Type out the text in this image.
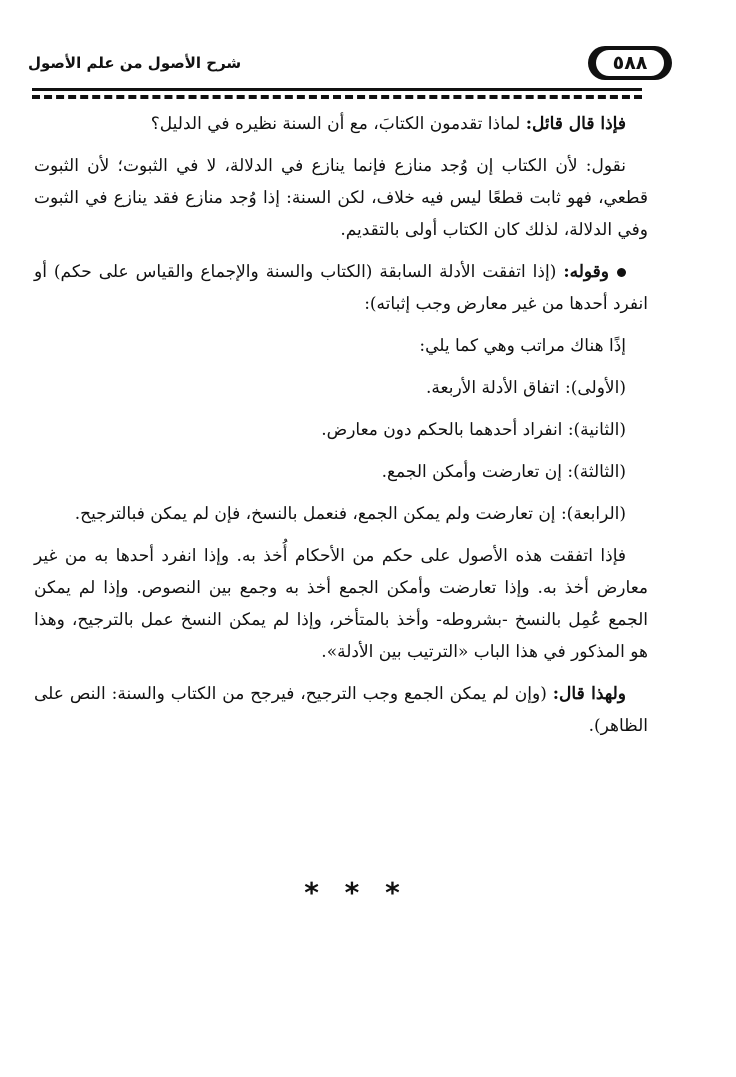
٥٨٨
شرح الأصول من علم الأصول

فإذا قال قائل: لماذا تقدمون الكتابَ، مع أن السنة نظيره في الدليل؟

نقول: لأن الكتاب إن وُجد منازع فإنما ينازع في الدلالة، لا في الثبوت؛ لأن الثبوت قطعي، فهو ثابت قطعًا ليس فيه خلاف، لكن السنة: إذا وُجد منازع فقد ينازع في الثبوت وفي الدلالة، لذلك كان الكتاب أولى بالتقديم.

وقوله: (إذا اتفقت الأدلة السابقة (الكتاب والسنة والإجماع والقياس على حكم) أو انفرد أحدها من غير معارض وجب إثباته):

إذًا هناك مراتب وهي كما يلي:

(الأولى): اتفاق الأدلة الأربعة.

(الثانية): انفراد أحدهما بالحكم دون معارض.

(الثالثة): إن تعارضت وأمكن الجمع.

(الرابعة): إن تعارضت ولم يمكن الجمع، فنعمل بالنسخ، فإن لم يمكن فبالترجيح.

فإذا اتفقت هذه الأصول على حكم من الأحكام أُخذ به. وإذا انفرد أحدها به من غير معارض أخذ به. وإذا تعارضت وأمكن الجمع أخذ به وجمع بين النصوص. وإذا لم يمكن الجمع عُمِل بالنسخ -بشروطه- وأخذ بالمتأخر، وإذا لم يمكن النسخ عمل بالترجيح، وهذا هو المذكور في هذا الباب «الترتيب بين الأدلة».

ولهذا قال: (وإن لم يمكن الجمع وجب الترجيح، فيرجح من الكتاب والسنة: النص على الظاهر).

* * *
